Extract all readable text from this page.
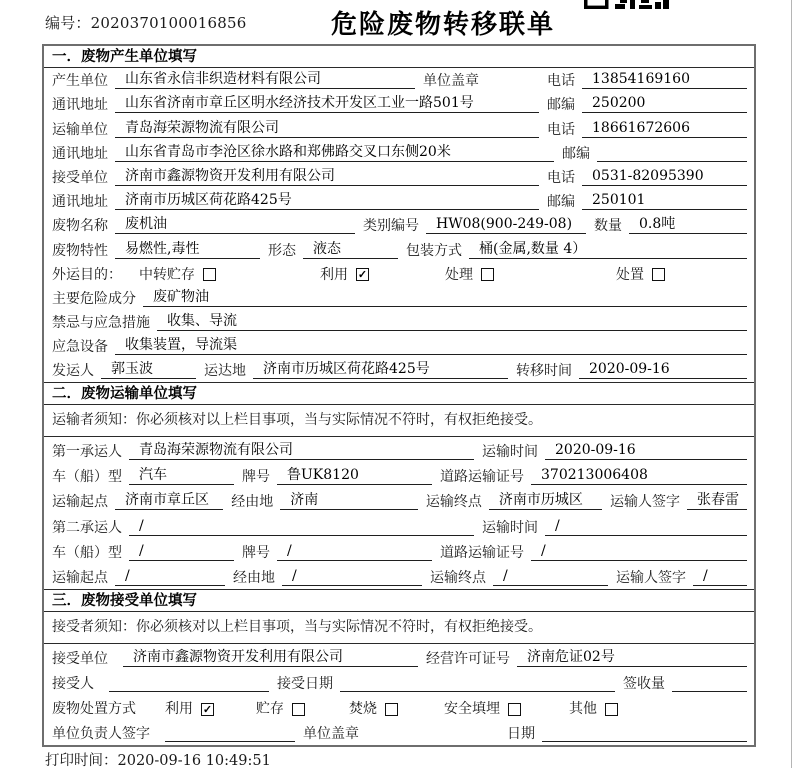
编号：2020370100016856	危险废物转移联单
一．废物产生单位填写
产生单位	山东省永信非织造材料有限公司	单位盖章	电话	13854169160
通讯地址	山东省济南市章丘区明水经济技术开发区工业一路501号	邮编	250200
运输单位	青岛海荣源物流有限公司	电话	18661672606
通讯地址	山东省青岛市李沧区徐水路和郑佛路交叉口东侧20米	邮编
接受单位	济南市鑫源物资开发利用有限公司	电话	0531-82095390
通讯地址	济南市历城区荷花路425号	邮编	250101
废物名称	废机油	类别编号	HW08(900-249-08)	数量	0.8吨
废物特性	易燃性,毒性	形态	液态	包装方式	桶(金属,数量 4）
外运目的： 中转贮存	利用 ✓	处理	处置
主要危险成分	废矿物油
禁忌与应急措施	收集、导流
应急设备	收集装置，导流渠
发运人	郭玉波	运达地	济南市历城区荷花路425号	转移时间	2020-09-16
二．废物运输单位填写
运输者须知：你必须核对以上栏目事项，当与实际情况不符时，有权拒绝接受。
第一承运人	青岛海荣源物流有限公司	运输时间	2020-09-16
车（船）型	汽车	牌号	鲁UK8120	道路运输证号	370213006408
运输起点	济南市章丘区	经由地	济南	运输终点	济南市历城区	运输人签字	张春雷
第二承运人	/	运输时间	/
车（船）型	/	牌号	/	道路运输证号	/
运输起点	/	经由地	/	运输终点	/	运输人签字	/
三．废物接受单位填写
接受者须知：你必须核对以上栏目事项，当与实际情况不符时，有权拒绝接受。
接受单位	济南市鑫源物资开发利用有限公司	经营许可证号	济南危证02号
接受人	接受日期	签收量
废物处置方式 利用 ✓	贮存	焚烧	安全填埋	其他
单位负责人签字	单位盖章	日期
打印时间：2020-09-16 10:49:51
